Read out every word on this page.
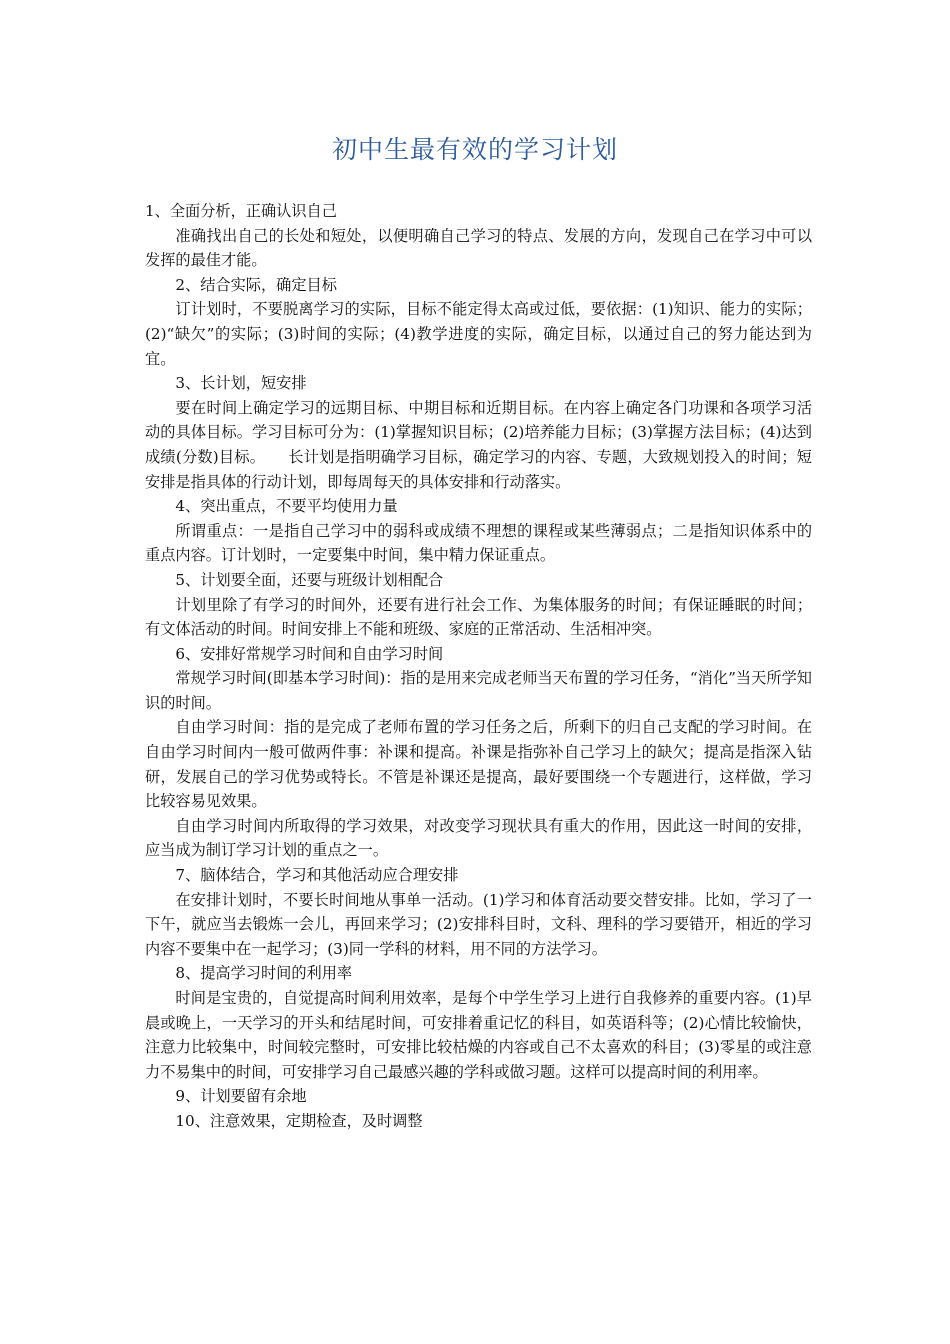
初中生最有效的学习计划

1、全面分析，正确认识自己

准确找出自己的长处和短处，以便明确自己学习的特点、发展的方向，发现自己在学习中可以发挥的最佳才能。

2、结合实际，确定目标

订计划时，不要脱离学习的实际，目标不能定得太高或过低，要依据：(1)知识、能力的实际；(2)“缺欠”的实际；(3)时间的实际；(4)教学进度的实际，确定目标，以通过自己的努力能达到为宜。

3、长计划，短安排

要在时间上确定学习的远期目标、中期目标和近期目标。在内容上确定各门功课和各项学习活动的具体目标。学习目标可分为：(1)掌握知识目标；(2)培养能力目标；(3)掌握方法目标；(4)达到成绩(分数)目标。　　长计划是指明确学习目标，确定学习的内容、专题，大致规划投入的时间；短安排是指具体的行动计划，即每周每天的具体安排和行动落实。

4、突出重点，不要平均使用力量

所谓重点：一是指自己学习中的弱科或成绩不理想的课程或某些薄弱点；二是指知识体系中的重点内容。订计划时，一定要集中时间，集中精力保证重点。

5、计划要全面，还要与班级计划相配合

计划里除了有学习的时间外，还要有进行社会工作、为集体服务的时间；有保证睡眠的时间；有文体活动的时间。时间安排上不能和班级、家庭的正常活动、生活相冲突。

6、安排好常规学习时间和自由学习时间

常规学习时间(即基本学习时间)：指的是用来完成老师当天布置的学习任务，“消化”当天所学知识的时间。

自由学习时间：指的是完成了老师布置的学习任务之后，所剩下的归自己支配的学习时间。在自由学习时间内一般可做两件事：补课和提高。补课是指弥补自己学习上的缺欠；提高是指深入钻研，发展自己的学习优势或特长。不管是补课还是提高，最好要围绕一个专题进行，这样做，学习比较容易见效果。

自由学习时间内所取得的学习效果，对改变学习现状具有重大的作用，因此这一时间的安排，应当成为制订学习计划的重点之一。

7、脑体结合，学习和其他活动应合理安排

在安排计划时，不要长时间地从事单一活动。(1)学习和体育活动要交替安排。比如，学习了一下午，就应当去锻炼一会儿，再回来学习；(2)安排科目时，文科、理科的学习要错开，相近的学习内容不要集中在一起学习；(3)同一学科的材料，用不同的方法学习。

8、提高学习时间的利用率

时间是宝贵的，自觉提高时间利用效率，是每个中学生学习上进行自我修养的重要内容。(1)早晨或晚上，一天学习的开头和结尾时间，可安排着重记忆的科目，如英语科等；(2)心情比较愉快，注意力比较集中，时间较完整时，可安排比较枯燥的内容或自己不太喜欢的科目；(3)零星的或注意力不易集中的时间，可安排学习自己最感兴趣的学科或做习题。这样可以提高时间的利用率。

9、计划要留有余地

10、注意效果，定期检查，及时调整
